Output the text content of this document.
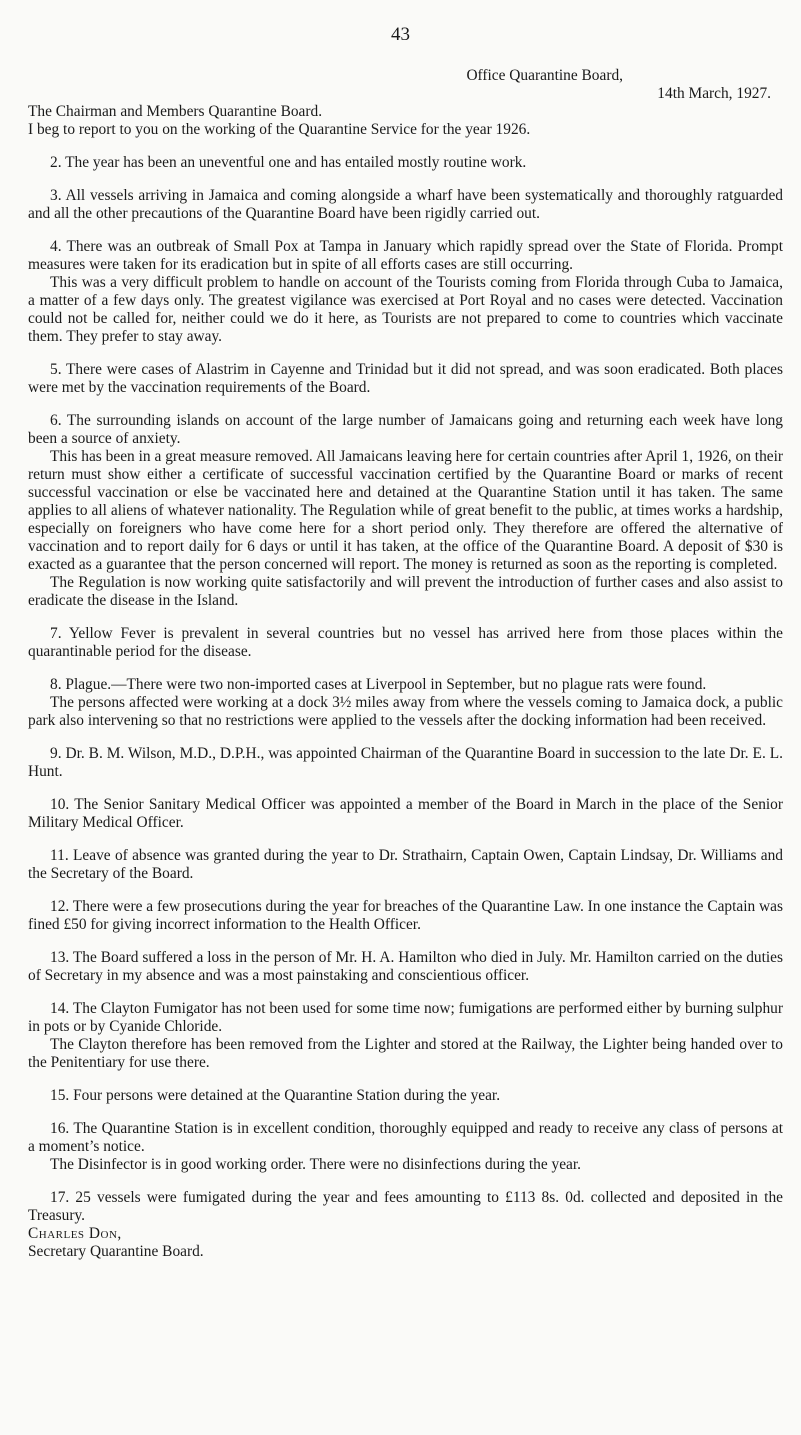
43

Office Quarantine Board,

14th March, 1927.

The Chairman and Members Quarantine Board.

I beg to report to you on the working of the Quarantine Service for the year 1926.

2. The year has been an uneventful one and has entailed mostly routine work.

3. All vessels arriving in Jamaica and coming alongside a wharf have been systematically and thoroughly ratguarded and all the other precautions of the Quarantine Board have been rigidly carried out.

4. There was an outbreak of Small Pox at Tampa in January which rapidly spread over the State of Florida. Prompt measures were taken for its eradication but in spite of all efforts cases are still occurring.

This was a very difficult problem to handle on account of the Tourists coming from Florida through Cuba to Jamaica, a matter of a few days only. The greatest vigilance was exercised at Port Royal and no cases were detected. Vaccination could not be called for, neither could we do it here, as Tourists are not prepared to come to countries which vaccinate them. They prefer to stay away.

5. There were cases of Alastrim in Cayenne and Trinidad but it did not spread, and was soon eradicated. Both places were met by the vaccination requirements of the Board.

6. The surrounding islands on account of the large number of Jamaicans going and returning each week have long been a source of anxiety.

This has been in a great measure removed. All Jamaicans leaving here for certain countries after April 1, 1926, on their return must show either a certificate of successful vaccination certified by the Quarantine Board or marks of recent successful vaccination or else be vaccinated here and detained at the Quarantine Station until it has taken. The same applies to all aliens of whatever nationality. The Regulation while of great benefit to the public, at times works a hardship, especially on foreigners who have come here for a short period only. They therefore are offered the alternative of vaccination and to report daily for 6 days or until it has taken, at the office of the Quarantine Board. A deposit of $30 is exacted as a guarantee that the person concerned will report. The money is returned as soon as the reporting is completed.

The Regulation is now working quite satisfactorily and will prevent the introduction of further cases and also assist to eradicate the disease in the Island.

7. Yellow Fever is prevalent in several countries but no vessel has arrived here from those places within the quarantinable period for the disease.

8. Plague.—There were two non-imported cases at Liverpool in September, but no plague rats were found.

The persons affected were working at a dock 3½ miles away from where the vessels coming to Jamaica dock, a public park also intervening so that no restrictions were applied to the vessels after the docking information had been received.

9. Dr. B. M. Wilson, M.D., D.P.H., was appointed Chairman of the Quarantine Board in succession to the late Dr. E. L. Hunt.

10. The Senior Sanitary Medical Officer was appointed a member of the Board in March in the place of the Senior Military Medical Officer.

11. Leave of absence was granted during the year to Dr. Strathairn, Captain Owen, Captain Lindsay, Dr. Williams and the Secretary of the Board.

12. There were a few prosecutions during the year for breaches of the Quarantine Law. In one instance the Captain was fined £50 for giving incorrect information to the Health Officer.

13. The Board suffered a loss in the person of Mr. H. A. Hamilton who died in July. Mr. Hamilton carried on the duties of Secretary in my absence and was a most painstaking and conscientious officer.

14. The Clayton Fumigator has not been used for some time now; fumigations are performed either by burning sulphur in pots or by Cyanide Chloride.

The Clayton therefore has been removed from the Lighter and stored at the Railway, the Lighter being handed over to the Penitentiary for use there.

15. Four persons were detained at the Quarantine Station during the year.

16. The Quarantine Station is in excellent condition, thoroughly equipped and ready to receive any class of persons at a moment’s notice.

The Disinfector is in good working order. There were no disinfections during the year.

17. 25 vessels were fumigated during the year and fees amounting to £113 8s. 0d. collected and deposited in the Treasury.

Charles Don,

Secretary Quarantine Board.
